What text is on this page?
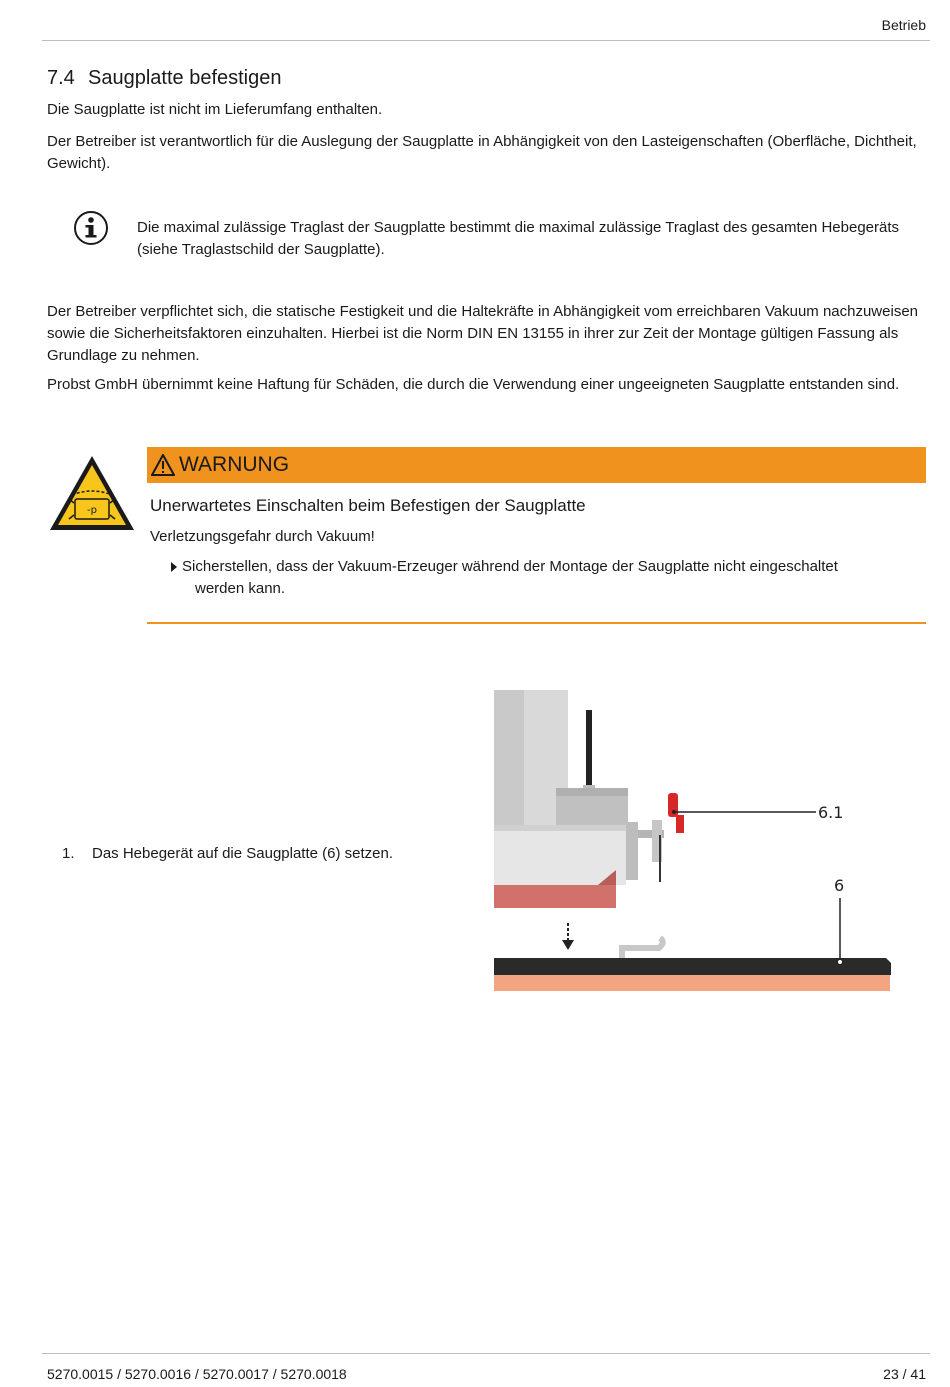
Betrieb
7.4 Saugplatte befestigen
Die Saugplatte ist nicht im Lieferumfang enthalten.
Der Betreiber ist verantwortlich für die Auslegung der Saugplatte in Abhängigkeit von den Lasteigenschaften (Oberfläche, Dichtheit, Gewicht).
Die maximal zulässige Traglast der Saugplatte bestimmt die maximal zulässige Traglast des gesamten Hebegeräts (siehe Traglastschild der Saugplatte).
Der Betreiber verpflichtet sich, die statische Festigkeit und die Haltekräfte in Abhängigkeit vom erreichbaren Vakuum nachzuweisen sowie die Sicherheitsfaktoren einzuhalten. Hierbei ist die Norm DIN EN 13155 in ihrer zur Zeit der Montage gültigen Fassung als Grundlage zu nehmen.
Probst GmbH übernimmt keine Haftung für Schäden, die durch die Verwendung einer ungeeigneten Saugplatte entstanden sind.
-p
WARNUNG
Unerwartetes Einschalten beim Befestigen der Saugplatte
Verletzungsgefahr durch Vakuum!
Sicherstellen, dass der Vakuum-Erzeuger während der Montage der Saugplatte nicht eingeschaltet
werden kann.
1. Das Hebegerät auf die Saugplatte (6) setzen.
6.1
6
5270.0015 / 5270.0016 / 5270.0017 / 5270.0018	23 / 41
